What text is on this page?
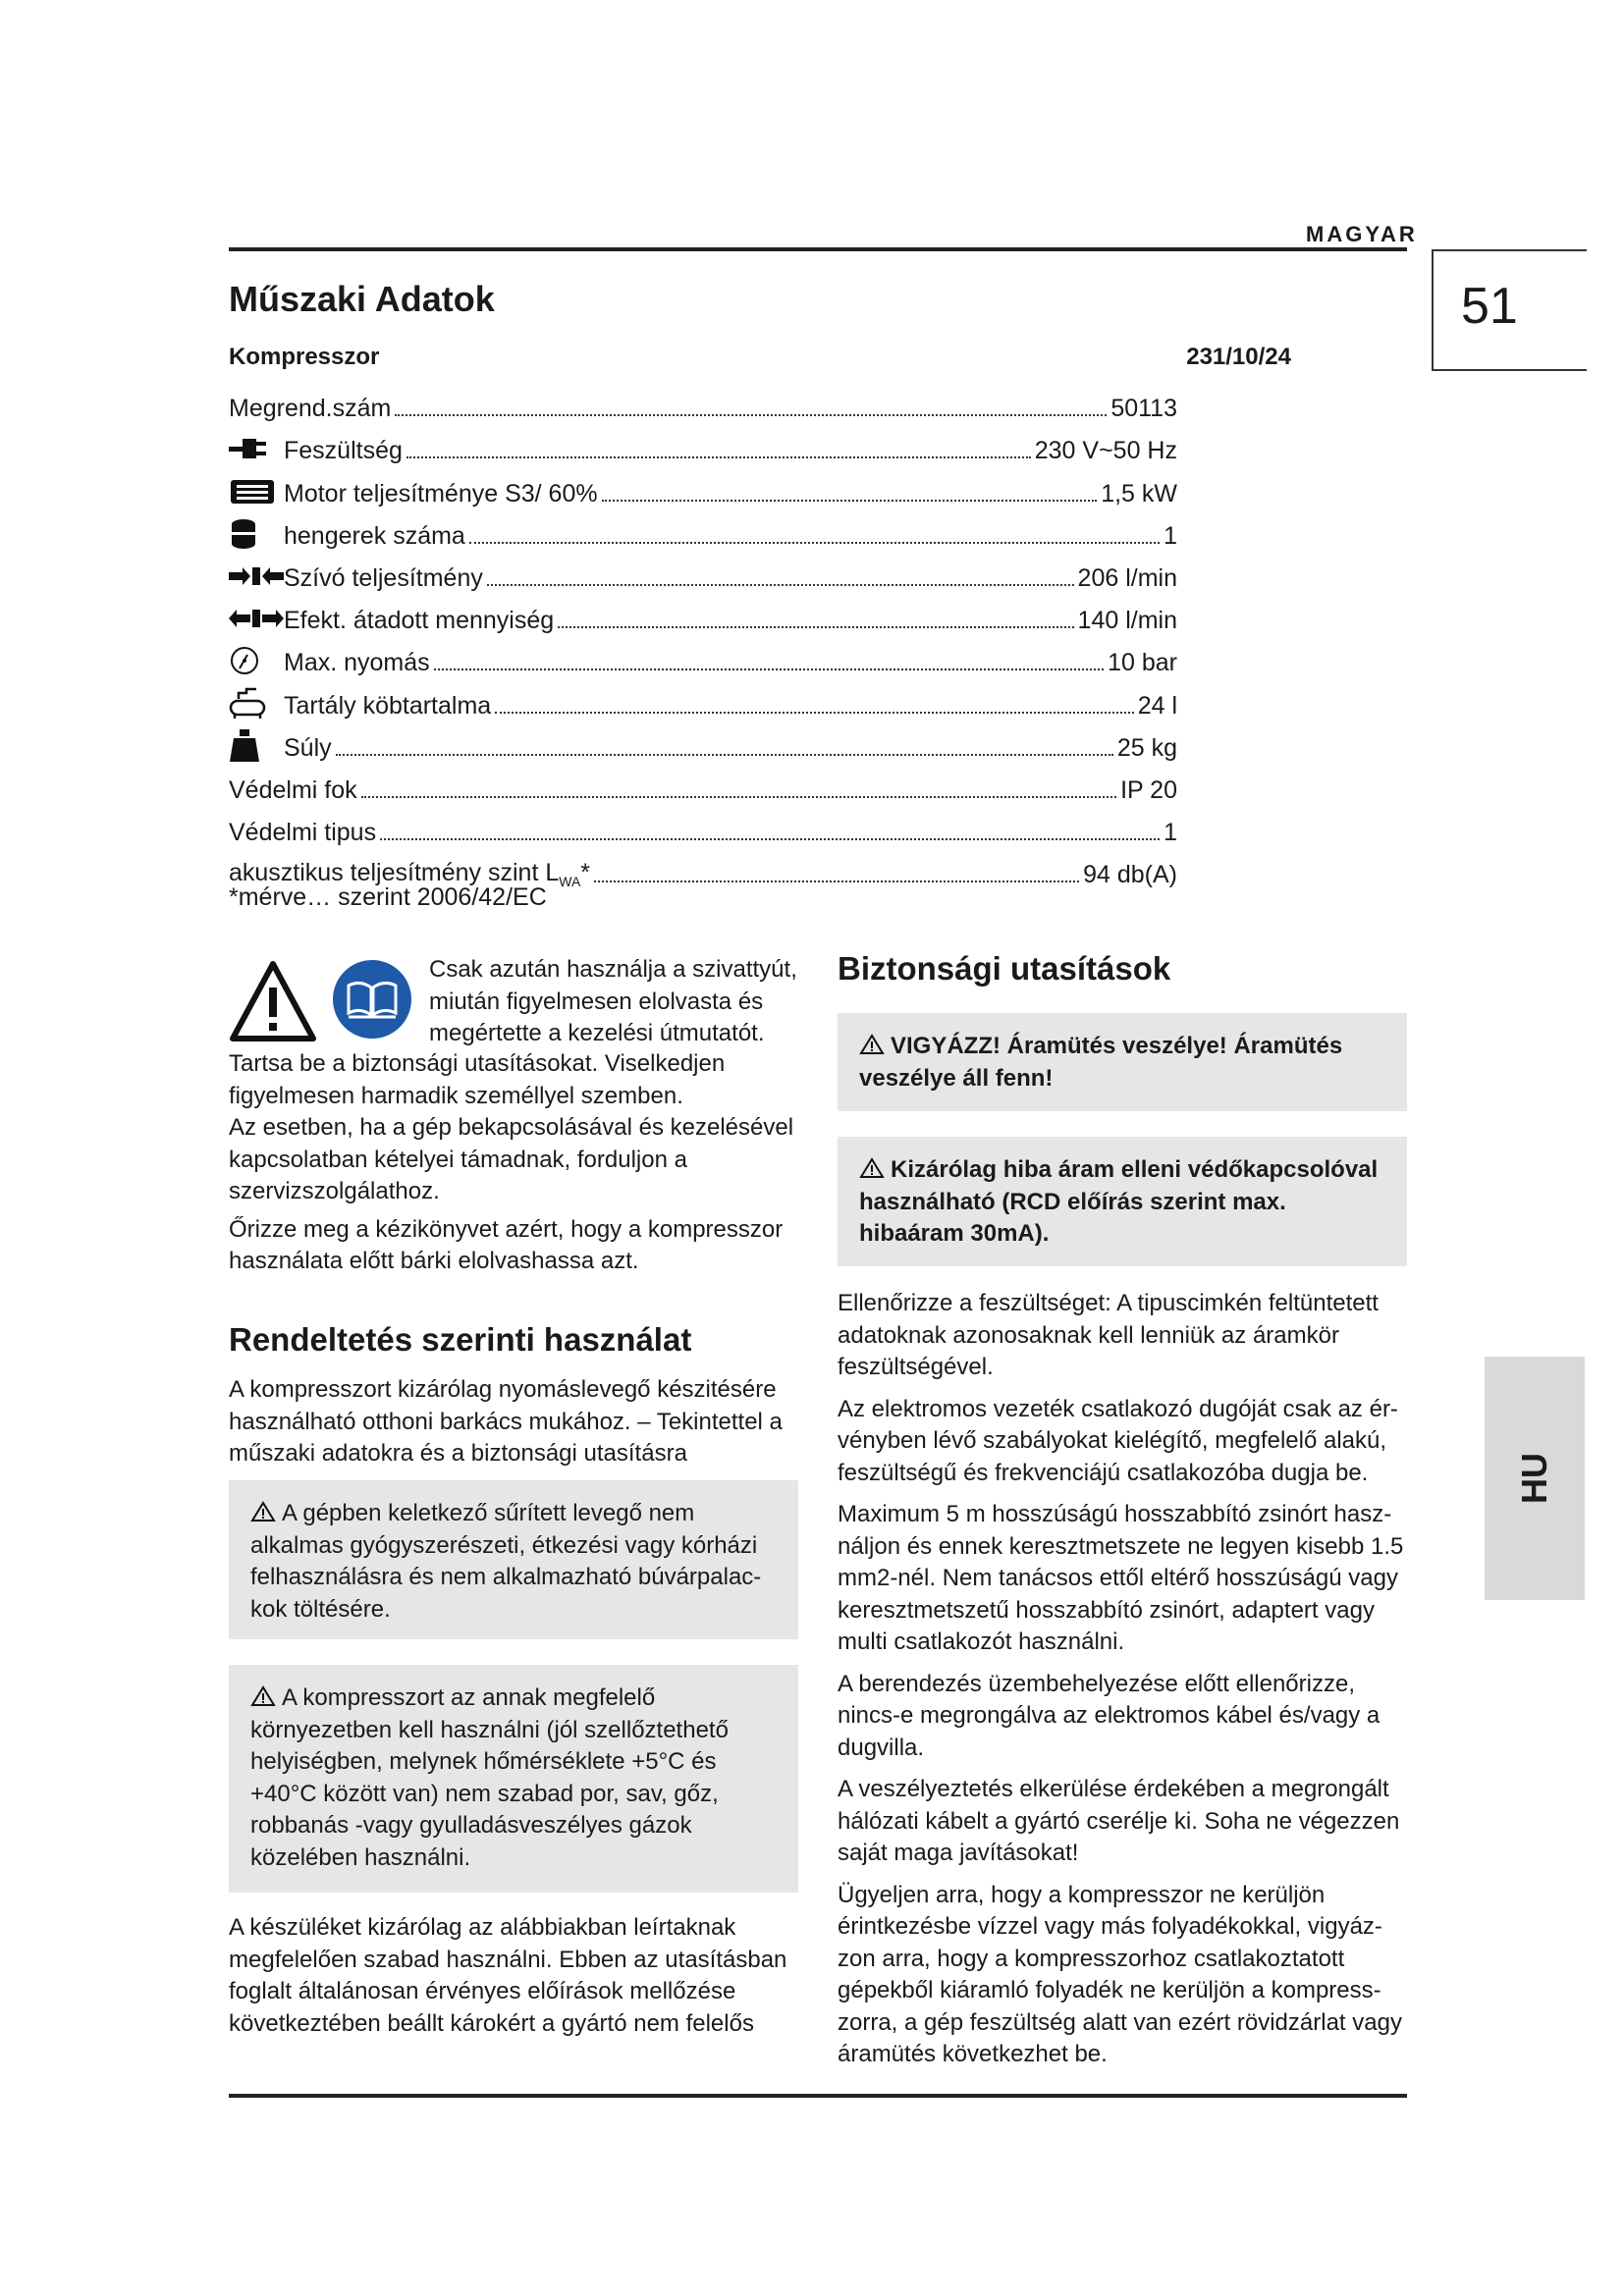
MAGYAR
51
HU
Műszaki Adatok
Kompresszor	231/10/24
Megrend.szám	50113
Feszültség	230 V~50 Hz
Motor teljesítménye S3/ 60%	1,5 kW
hengerek száma	1
Szívó teljesítmény	206 l/min
Efekt. átadott mennyiség	140 l/min
Max. nyomás	10 bar
Tartály köbtartalma	24 l
Súly	25 kg
Védelmi fok	IP 20
Védelmi tipus	1
akusztikus teljesítmény szint $L_{WA}*$	94 db(A)
*mérve… szerint 2006/42/EC
Csak azután használja a szivattyút, miután figyelmesen elolvasta és megértette a kezelési útmutatót.

Tartsa be a biztonsági utasításokat. Viselkedjen figyelmesen harmadik személlyel szemben.

Az esetben, ha a gép bekapcsolásával és kezelésével kapcsolatban kételyei támadnak, forduljon a szervizszolgálathoz.

Őrizze meg a kézikönyvet azért, hogy a kompresszor használata előtt bárki elolvashassa azt.

Rendeltetés szerinti használat
A kompresszort kizárólag nyomáslevegő készitésére használható otthoni barkács mukához. – Tekintettel a műszaki adatokra és a biztonsági utasításra
A gépben keletkező sűrített levegő nem alkalmas gyógyszerészeti, étkezési vagy kórházi felhasználásra és nem alkalmazható búvárpalac-kok töltésére.
A kompresszort az annak megfelelő környezetben kell használni (jól szellőztethető helyiségben, melynek hőmérséklete +5°C és +40°C között van) nem szabad por, sav, gőz, robbanás -vagy gyulladásveszélyes gázok közelében használni.
A készüléket kizárólag az alábbiakban leírtaknak megfelelően szabad használni. Ebben az utasításban foglalt általánosan érvényes előírások mellőzése következtében beállt károkért a gyártó nem felelős
Biztonsági utasítások
VIGYÁZZ! Áramütés veszélye! Áramütés veszélye áll fenn!
Kizárólag hiba áram elleni védőkapcsolóval használható (RCD előírás szerint max. hibaáram 30mA).

Ellenőrizze a feszültséget: A tipuscimkén feltüntetett adatoknak azonosaknak kell lenniük az áramkör feszültségével.

Az elektromos vezeték csatlakozó dugóját csak az ér-vényben lévő szabályokat kielégítő, megfelelő alakú, feszültségű és frekvenciájú csatlakozóba dugja be.

Maximum 5 m hosszúságú hosszabbító zsinórt hasz-náljon és ennek keresztmetszete ne legyen kisebb 1.5 mm2-nél. Nem tanácsos ettől eltérő hosszúságú vagy keresztmetszetű hosszabbító zsinórt, adaptert vagy multi csatlakozót használni.

A berendezés üzembehelyezése előtt ellenőrizze, nincs-e megrongálva az elektromos kábel és/vagy a dugvilla.

A veszélyeztetés elkerülése érdekében a megrongált hálózati kábelt a gyártó cserélje ki. Soha ne végezzen saját maga javításokat!

Ügyeljen arra, hogy a kompresszor ne kerüljön érintkezésbe vízzel vagy más folyadékokkal, vigyáz-zon arra, hogy a kompresszorhoz csatlakoztatott gépekből kiáramló folyadék ne kerüljön a kompress-zorra, a gép feszültség alatt van ezért rövidzárlat vagy áramütés következhet be.
